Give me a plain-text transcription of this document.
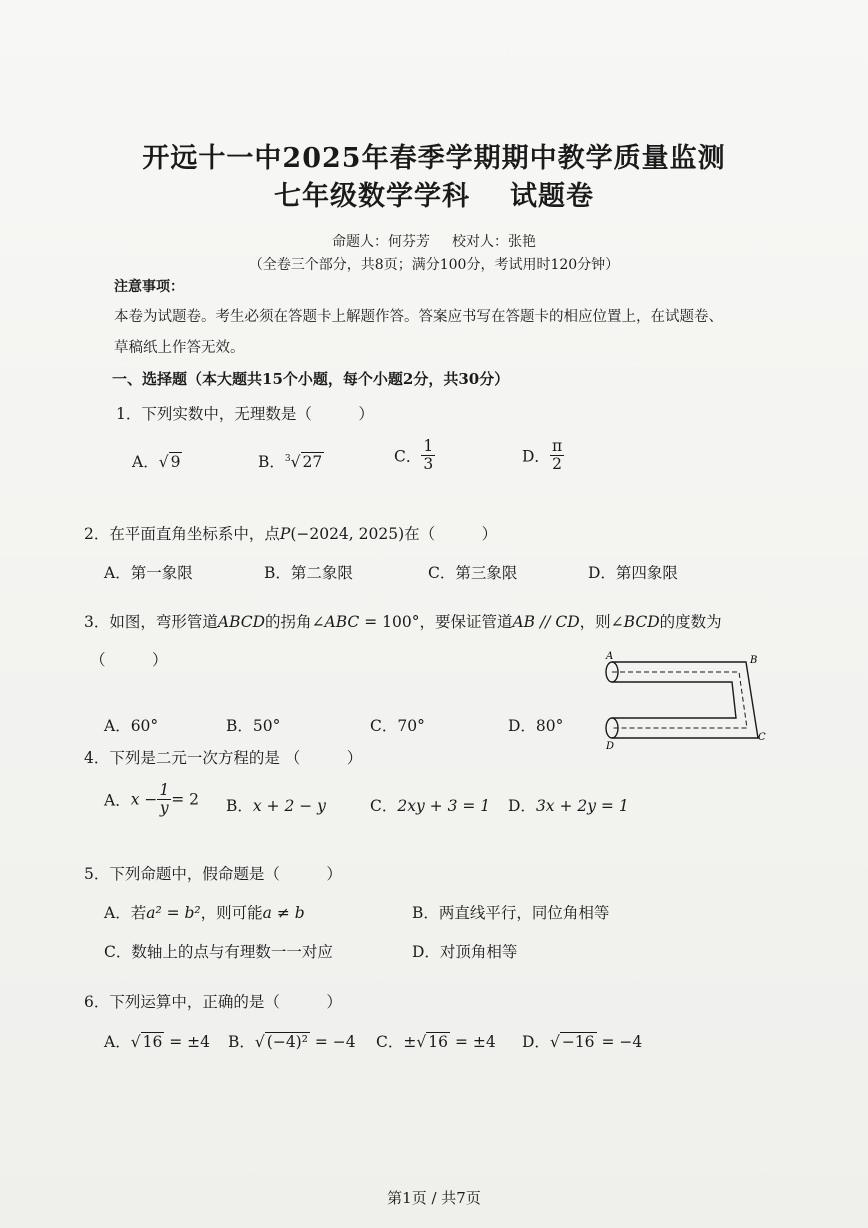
开远十一中2025年春季学期期中教学质量监测
七年级数学学科 试题卷
命题人：何芬芳 校对人：张艳
（全卷三个部分，共8页；满分100分，考试用时120分钟）
注意事项：
本卷为试题卷。考生必须在答题卡上解题作答。答案应书写在答题卡的相应位置上，在试题卷、
草稿纸上作答无效。
一、选择题（本大题共15个小题，每个小题2分，共30分）
1．下列实数中，无理数是（　　　）
A．√ 9	B．$^3$√ 27	C． $\frac{1}{3}$	D． $\frac{\pi}{2}$
2．在平面直角坐标系中，点P(−2024, 2025)在（　　　）
A．第一象限	B．第二象限	C．第三象限	D．第四象限
3．如图，弯形管道ABCD的拐角∠ABC = 100°，要保证管道AB // CD，则∠BCD的度数为
（　　　）
A．60°	B．50°	C．70°	D．80°
A	B
C
D
4．下列是二元一次方程的是 （　　　）
A．$x - \frac{1}{y} = 2$ B．x + 2 − y	C．2xy + 3 = 1 D．3x + 2y = 1
5．下列命题中，假命题是（　　　）
A．若a² = b²，则可能a ≠ b	B．两直线平行，同位角相等
C．数轴上的点与有理数一一对应	D．对顶角相等
6．下列运算中，正确的是（　　　）
A．√ 16 = ±4 B．√ (−4)² = −4 C．±√ 16 = ±4 D．√ −16 = −4
第1页 / 共7页
